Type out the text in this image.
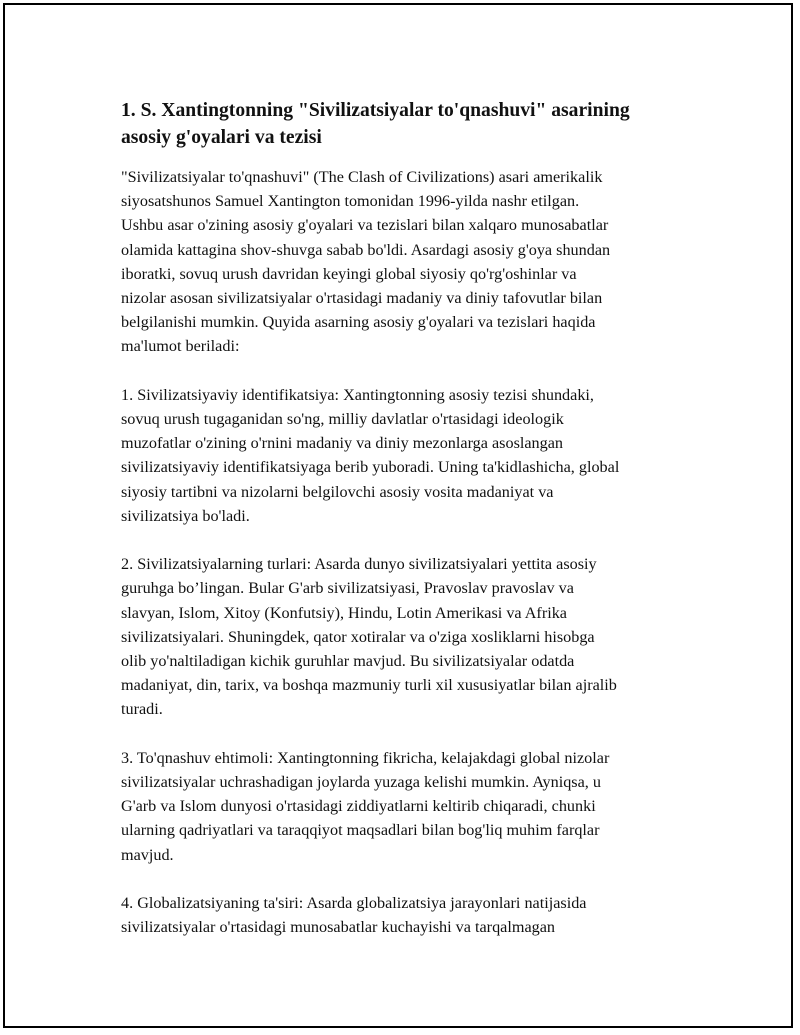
1. S. Xantingtonning "Sivilizatsiyalar to'qnashuvi" asarining
asosiy g'oyalari va tezisi
"Sivilizatsiyalar to'qnashuvi" (The Clash of Civilizations) asari amerikalik
siyosatshunos Samuel Xantington tomonidan 1996-yilda nashr etilgan.
Ushbu asar o'zining asosiy g'oyalari va tezislari bilan xalqaro munosabatlar
olamida kattagina shov-shuvga sabab bo'ldi. Asardagi asosiy g'oya shundan
iboratki, sovuq urush davridan keyingi global siyosiy qo'rg'oshinlar va
nizolar asosan sivilizatsiyalar o'rtasidagi madaniy va diniy tafovutlar bilan
belgilanishi mumkin. Quyida asarning asosiy g'oyalari va tezislari haqida
ma'lumot beriladi:
1. Sivilizatsiyaviy identifikatsiya: Xantingtonning asosiy tezisi shundaki,
sovuq urush tugaganidan so'ng, milliy davlatlar o'rtasidagi ideologik
muzofatlar o'zining o'rnini madaniy va diniy mezonlarga asoslangan
sivilizatsiyaviy identifikatsiyaga berib yuboradi. Uning ta'kidlashicha, global
siyosiy tartibni va nizolarni belgilovchi asosiy vosita madaniyat va
sivilizatsiya bo'ladi.
2. Sivilizatsiyalarning turlari: Asarda dunyo sivilizatsiyalari yettita asosiy
guruhga bo’lingan. Bular G'arb sivilizatsiyasi, Pravoslav pravoslav va
slavyan, Islom, Xitoy (Konfutsiy), Hindu, Lotin Amerikasi va Afrika
sivilizatsiyalari. Shuningdek, qator xotiralar va o'ziga xosliklarni hisobga
olib yo'naltiladigan kichik guruhlar mavjud. Bu sivilizatsiyalar odatda
madaniyat, din, tarix, va boshqa mazmuniy turli xil xususiyatlar bilan ajralib
turadi.
3. To'qnashuv ehtimoli: Xantingtonning fikricha, kelajakdagi global nizolar
sivilizatsiyalar uchrashadigan joylarda yuzaga kelishi mumkin. Ayniqsa, u
G'arb va Islom dunyosi o'rtasidagi ziddiyatlarni keltirib chiqaradi, chunki
ularning qadriyatlari va taraqqiyot maqsadlari bilan bog'liq muhim farqlar
mavjud.
4. Globalizatsiyaning ta'siri: Asarda globalizatsiya jarayonlari natijasida
sivilizatsiyalar o'rtasidagi munosabatlar kuchayishi va tarqalmagan
